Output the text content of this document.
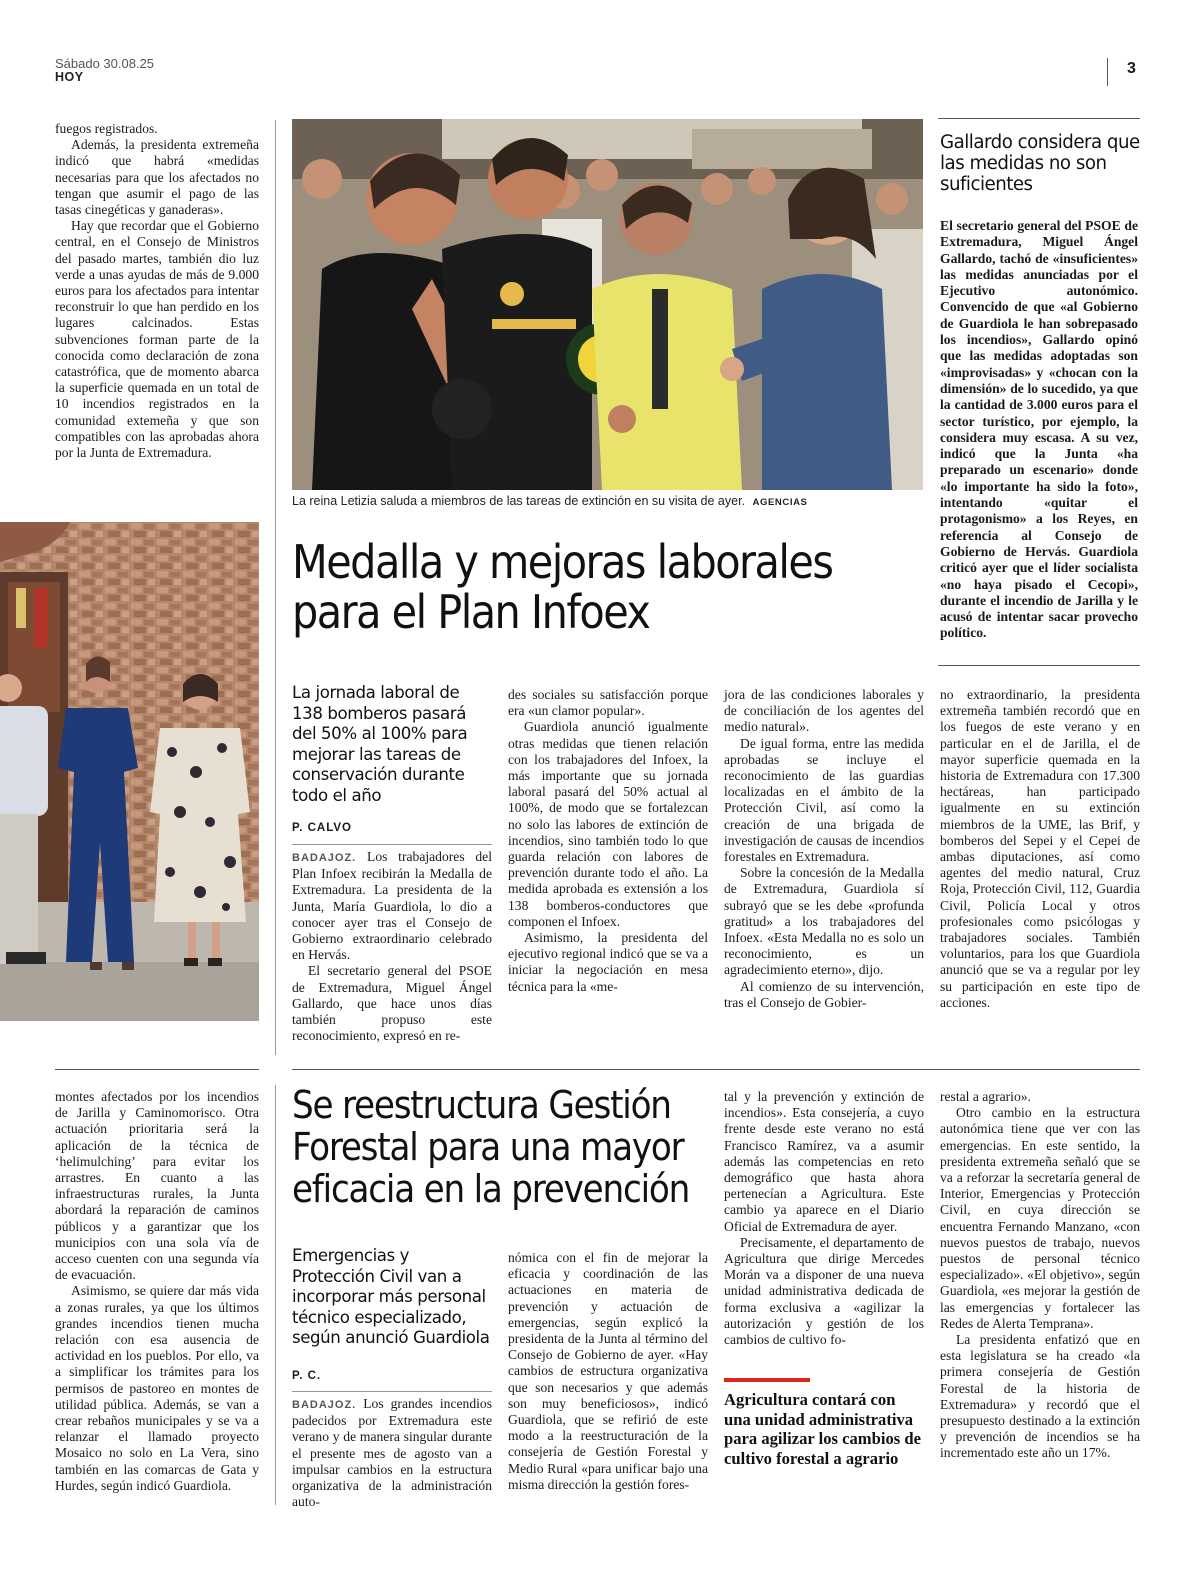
Sábado 30.08.25
HOY	3

fuegos registrados.

Además, la presidenta extremeña indicó que habrá «medidas necesarias para que los afectados no tengan que asumir el pago de las tasas cinegéticas y ganaderas».

Hay que recordar que el Gobierno central, en el Consejo de Ministros del pasado martes, también dio luz verde a unas ayudas de más de 9.000 euros para los afectados para intentar reconstruir lo que han perdido en los lugares calcinados. Estas subvenciones forman parte de la conocida como declaración de zona catastrófica, que de momento abarca la superficie quemada en un total de 10 incendios registrados en la comunidad extemeña y que son compatibles con las aprobadas ahora por la Junta de Extremadura.

La reina Letizia saluda a miembros de las tareas de extinción en su visita de ayer. AGENCIAS
Gallardo considera que las medidas no son suficientes
El secretario general del PSOE de Extremadura, Miguel Ángel Gallardo, tachó de «insuficientes» las medidas anunciadas por el Ejecutivo autonómico. Convencido de que «al Gobierno de Guardiola le han sobrepasado los incendios», Gallardo opinó que las medidas adoptadas son «improvisadas» y «chocan con la dimensión» de lo sucedido, ya que la cantidad de 3.000 euros para el sector turístico, por ejemplo, la considera muy escasa. A su vez, indicó que la Junta «ha preparado un escenario» donde «lo importante ha sido la foto», intentando «quitar el protagonismo» a los Reyes, en referencia al Consejo de Gobierno de Hervás. Guardiola criticó ayer que el líder socialista «no haya pisado el Cecopi», durante el incendio de Jarilla y le acusó de intentar sacar provecho político.
Medalla y mejoras laborales para el Plan Infoex
La jornada laboral de 138 bomberos pasará del 50% al 100% para mejorar las tareas de conservación durante todo el año
P. CALVO

BADAJOZ. Los trabajadores del Plan Infoex recibirán la Medalla de Extremadura. La presidenta de la Junta, María Guardiola, lo dio a conocer ayer tras el Consejo de Gobierno extraordinario celebrado en Hervás.

El secretario general del PSOE de Extremadura, Miguel Ángel Gallardo, que hace unos días también propuso este reconocimiento, expresó en re-

des sociales su satisfacción porque era «un clamor popular».

Guardiola anunció igualmente otras medidas que tienen relación con los trabajadores del Infoex, la más importante que su jornada laboral pasará del 50% actual al 100%, de modo que se fortalezcan no solo las labores de extinción de incendios, sino también todo lo que guarda relación con labores de prevención durante todo el año. La medida aprobada es extensión a los 138 bomberos-conductores que componen el Infoex.

Asimismo, la presidenta del ejecutivo regional indicó que se va a iniciar la negociación en mesa técnica para la «me-

jora de las condiciones laborales y de conciliación de los agentes del medio natural».

De igual forma, entre las medida aprobadas se incluye el reconocimiento de las guardias localizadas en el ámbito de la Protección Civil, así como la creación de una brigada de investigación de causas de incendios forestales en Extremadura.

Sobre la concesión de la Medalla de Extremadura, Guardiola sí subrayó que se les debe «profunda gratitud» a los trabajadores del Infoex. «Esta Medalla no es solo un reconocimiento, es un agradecimiento eterno», dijo.

Al comienzo de su intervención, tras el Consejo de Gobier-

no extraordinario, la presidenta extremeña también recordó que en los fuegos de este verano y en particular en el de Jarilla, el de mayor superficie quemada en la historia de Extremadura con 17.300 hectáreas, han participado igualmente en su extinción miembros de la UME, las Brif, y bomberos del Sepei y el Cepei de ambas diputaciones, así como agentes del medio natural, Cruz Roja, Protección Civil, 112, Guardia Civil, Policía Local y otros profesionales como psicólogas y trabajadores sociales. También voluntarios, para los que Guardiola anunció que se va a regular por ley su participación en este tipo de acciones.

montes afectados por los incendios de Jarilla y Caminomorisco. Otra actuación prioritaria será la aplicación de la técnica de ‘helimulching’ para evitar los arrastres. En cuanto a las infraestructuras rurales, la Junta abordará la reparación de caminos públicos y a garantizar que los municipios con una sola vía de acceso cuenten con una segunda vía de evacuación.

Asimismo, se quiere dar más vida a zonas rurales, ya que los últimos grandes incendios tienen mucha relación con esa ausencia de actividad en los pueblos. Por ello, va a simplificar los trámites para los permisos de pastoreo en montes de utilidad pública. Además, se van a crear rebaños municipales y se va a relanzar el llamado proyecto Mosaico no solo en La Vera, sino también en las comarcas de Gata y Hurdes, según indicó Guardiola.

Se reestructura Gestión Forestal para una mayor eficacia en la prevención
Emergencias y Protección Civil van a incorporar más personal técnico especializado, según anunció Guardiola
P. C.

BADAJOZ. Los grandes incendios padecidos por Extremadura este verano y de manera singular durante el presente mes de agosto van a impulsar cambios en la estructura organizativa de la administración auto-

nómica con el fin de mejorar la eficacia y coordinación de las actuaciones en materia de prevención y actuación de emergencias, según explicó la presidenta de la Junta al término del Consejo de Gobierno de ayer. «Hay cambios de estructura organizativa que son necesarios y que además son muy beneficiosos», indicó Guardiola, que se refirió de este modo a la reestructuración de la consejería de Gestión Forestal y Medio Rural «para unificar bajo una misma dirección la gestión fores-

tal y la prevención y extinción de incendios». Esta consejería, a cuyo frente desde este verano no está Francisco Ramírez, va a asumir además las competencias en reto demográfico que hasta ahora pertenecían a Agricultura. Este cambio ya aparece en el Diario Oficial de Extremadura de ayer.

Precisamente, el departamento de Agricultura que dirige Mercedes Morán va a disponer de una nueva unidad administrativa dedicada de forma exclusiva a «agilizar la autorización y gestión de los cambios de cultivo fo-

Agricultura contará con una unidad administrativa para agilizar los cambios de cultivo forestal a agrario

restal a agrario».

Otro cambio en la estructura autonómica tiene que ver con las emergencias. En este sentido, la presidenta extremeña señaló que se va a reforzar la secretaría general de Interior, Emergencias y Protección Civil, en cuya dirección se encuentra Fernando Manzano, «con nuevos puestos de trabajo, nuevos puestos de personal técnico especializado». «El objetivo», según Guardiola, «es mejorar la gestión de las emergencias y fortalecer las Redes de Alerta Temprana».

La presidenta enfatizó que en esta legislatura se ha creado «la primera consejería de Gestión Forestal de la historia de Extremadura» y recordó que el presupuesto destinado a la extinción y prevención de incendios se ha incrementado este año un 17%.
